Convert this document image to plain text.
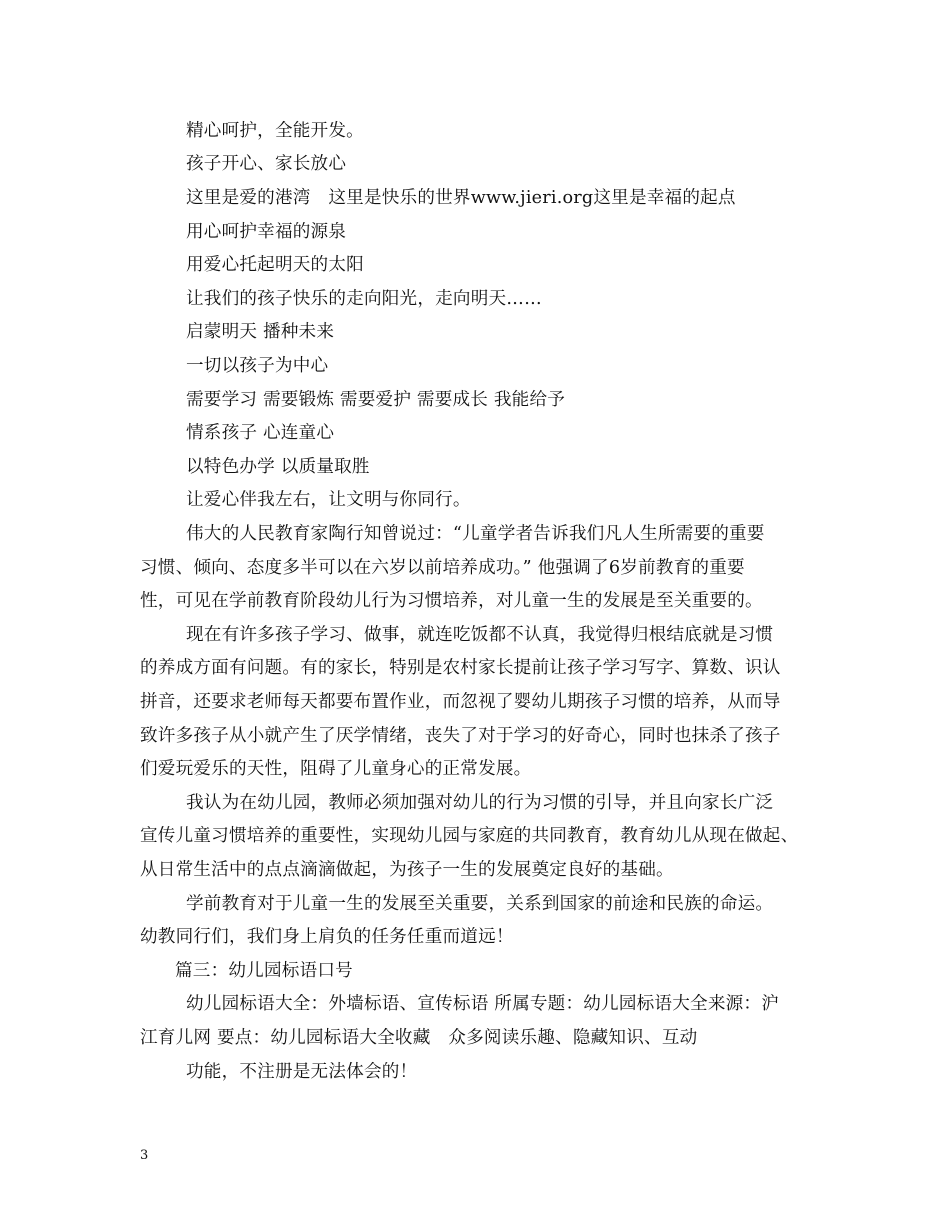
精心呵护，全能开发。
孩子开心、家长放心
这里是爱的港湾　这里是快乐的世界www.jieri.org这里是幸福的起点
用心呵护幸福的源泉
用爱心托起明天的太阳
让我们的孩子快乐的走向阳光，走向明天……
启蒙明天 播种未来
一切以孩子为中心
需要学习 需要锻炼 需要爱护 需要成长 我能给予
情系孩子 心连童心
以特色办学 以质量取胜
让爱心伴我左右，让文明与你同行。
伟大的人民教育家陶行知曾说过：“儿童学者告诉我们凡人生所需要的重要
习惯、倾向、态度多半可以在六岁以前培养成功。” 他强调了6岁前教育的重要
性，可见在学前教育阶段幼儿行为习惯培养，对儿童一生的发展是至关重要的。
现在有许多孩子学习、做事，就连吃饭都不认真，我觉得归根结底就是习惯
的养成方面有问题。有的家长，特别是农村家长提前让孩子学习写字、算数、识认
拼音，还要求老师每天都要布置作业，而忽视了婴幼儿期孩子习惯的培养，从而导
致许多孩子从小就产生了厌学情绪，丧失了对于学习的好奇心，同时也抹杀了孩子
们爱玩爱乐的天性，阻碍了儿童身心的正常发展。
我认为在幼儿园，教师必须加强对幼儿的行为习惯的引导，并且向家长广泛
宣传儿童习惯培养的重要性，实现幼儿园与家庭的共同教育，教育幼儿从现在做起、
从日常生活中的点点滴滴做起，为孩子一生的发展奠定良好的基础。
学前教育对于儿童一生的发展至关重要，关系到国家的前途和民族的命运。
幼教同行们，我们身上肩负的任务任重而道远！
篇三：幼儿园标语口号
幼儿园标语大全：外墙标语、宣传标语 所属专题：幼儿园标语大全来源：沪
江育儿网 要点：幼儿园标语大全收藏　众多阅读乐趣、隐藏知识、互动
功能，不注册是无法体会的！
3
